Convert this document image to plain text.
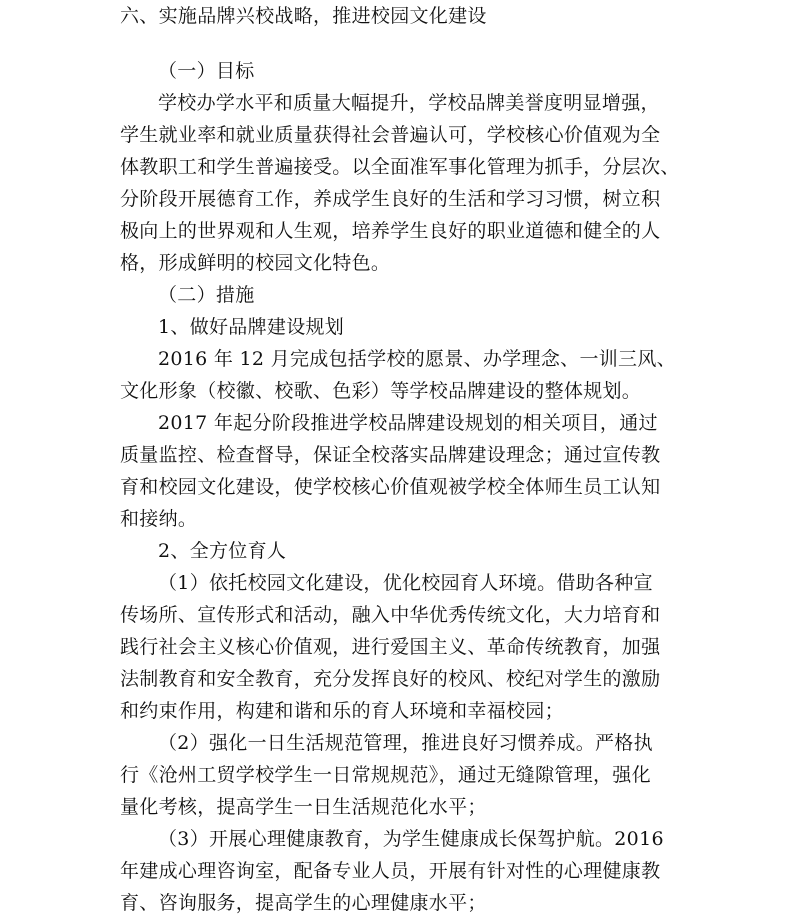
六、实施品牌兴校战略，推进校园文化建设
（一）目标
学校办学水平和质量大幅提升，学校品牌美誉度明显增强，
学生就业率和就业质量获得社会普遍认可，学校核心价值观为全
体教职工和学生普遍接受。以全面准军事化管理为抓手，分层次、
分阶段开展德育工作，养成学生良好的生活和学习习惯，树立积
极向上的世界观和人生观，培养学生良好的职业道德和健全的人
格，形成鲜明的校园文化特色。
（二）措施
1、做好品牌建设规划
2016 年 12 月完成包括学校的愿景、办学理念、一训三风、
文化形象（校徽、校歌、色彩）等学校品牌建设的整体规划。
2017 年起分阶段推进学校品牌建设规划的相关项目，通过
质量监控、检查督导，保证全校落实品牌建设理念；通过宣传教
育和校园文化建设，使学校核心价值观被学校全体师生员工认知
和接纳。
2、全方位育人
（1）依托校园文化建设，优化校园育人环境。借助各种宣
传场所、宣传形式和活动，融入中华优秀传统文化，大力培育和
践行社会主义核心价值观，进行爱国主义、革命传统教育，加强
法制教育和安全教育，充分发挥良好的校风、校纪对学生的激励
和约束作用，构建和谐和乐的育人环境和幸福校园；
（2）强化一日生活规范管理，推进良好习惯养成。严格执
行《沧州工贸学校学生一日常规规范》，通过无缝隙管理，强化
量化考核，提高学生一日生活规范化水平；
（3）开展心理健康教育，为学生健康成长保驾护航。2016
年建成心理咨询室，配备专业人员，开展有针对性的心理健康教
育、咨询服务，提高学生的心理健康水平；
